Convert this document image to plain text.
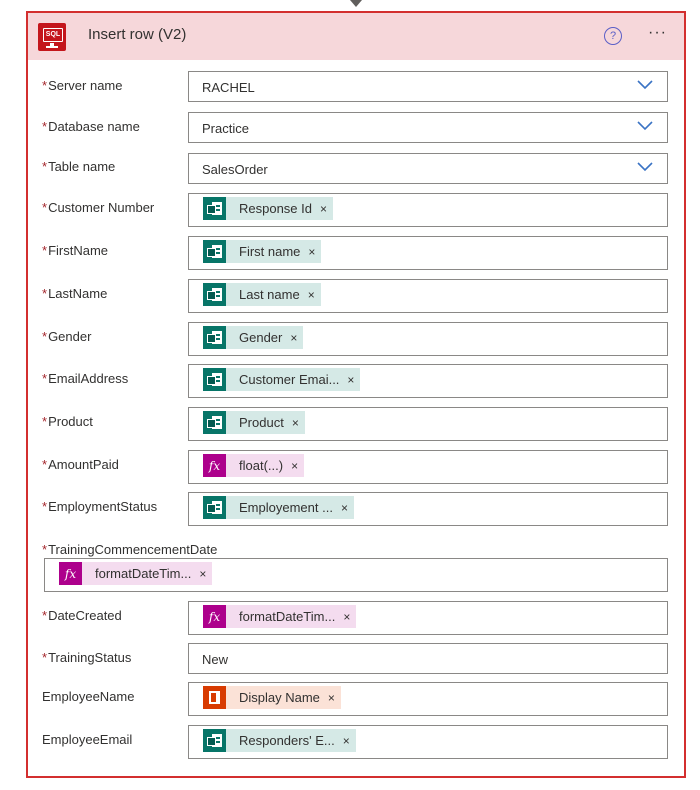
SQL Insert row (V2)	?	···
*Server name	RACHEL
*Database name	Practice
*Table name	SalesOrder
*Customer Number	Response Id ×
*FirstName	First name ×
*LastName	Last name ×
*Gender	Gender ×
*EmailAddress	Customer Emai... ×
*Product	Product ×
*AmountPaid	fx	float(...) ×
*EmploymentStatus	Employement ... ×
*TrainingCommencementDate
fx	formatDateTim... ×
*DateCreated	fx	formatDateTim... ×
*TrainingStatus	New
EmployeeName	Display Name ×
EmployeeEmail	Responders' E... ×
